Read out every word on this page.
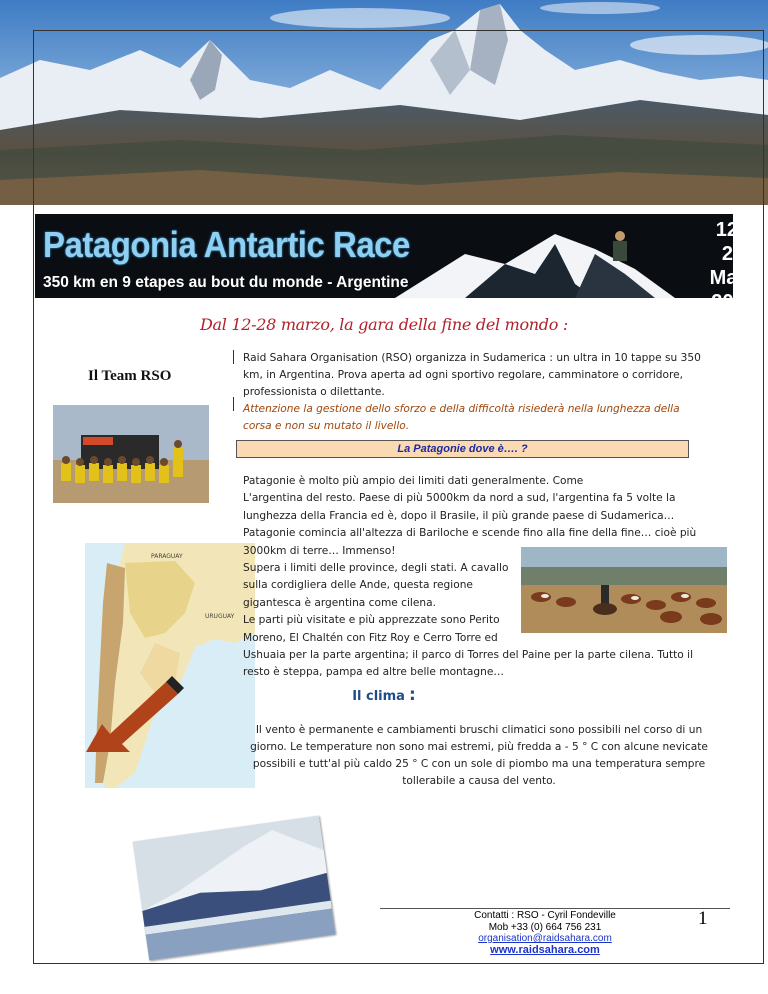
Patagonia Antartic Race
350 km en 9 etapes au bout du monde - Argentine
12 - 28
Mars
2011
Dal 12-28 marzo, la gara della fine del mondo :
Il Team RSO
Raid Sahara Organisation (RSO) organizza in Sudamerica : un ultra in 10 tappe su 350 km, in Argentina. Prova aperta ad ogni sportivo regolare, camminatore o corridore, professionista o dilettante.
Attenzione la gestione dello sforzo e della difficoltà risiederà nella lunghezza della corsa e non su mutato il livello.
La Patagonie dove è…. ?
PARAGUAY
URUGUAY
Patagonie è molto più ampio dei limiti dati generalmente. Come
L'argentina del resto. Paese di più 5000km da nord a sud, l'argentina fa 5 volte la
lunghezza della Francia ed è, dopo il Brasile, il più grande paese di Sudamerica…
Patagonie comincia all'altezza di Bariloche e scende fino alla fine della fine… cioè più
3000km di terre… Immenso!
Supera i limiti delle province, degli stati. A cavallo
sulla cordigliera delle Ande, questa regione
gigantesca è argentina come cilena.
Le parti più visitate e più apprezzate sono Perito
Moreno, El Chaltén con Fitz Roy e Cerro Torre ed
Ushuaia per la parte argentina; il parco di Torres del Paine per la parte cilena. Tutto il
resto è steppa, pampa ed altre belle montagne…
Il clima :
Il vento è permanente e cambiamenti bruschi climatici sono possibili nel corso di un giorno. Le temperature non sono mai estremi, più fredda a - 5 ° C con alcune nevicate possibili e tutt'al più caldo 25 ° C con un sole di piombo ma una temperatura sempre tollerabile a causa del vento.
Contatti : RSO - Cyril Fondeville
Mob +33 (0) 664 756 231
organisation@raidsahara.com
www.raidsahara.com
1
